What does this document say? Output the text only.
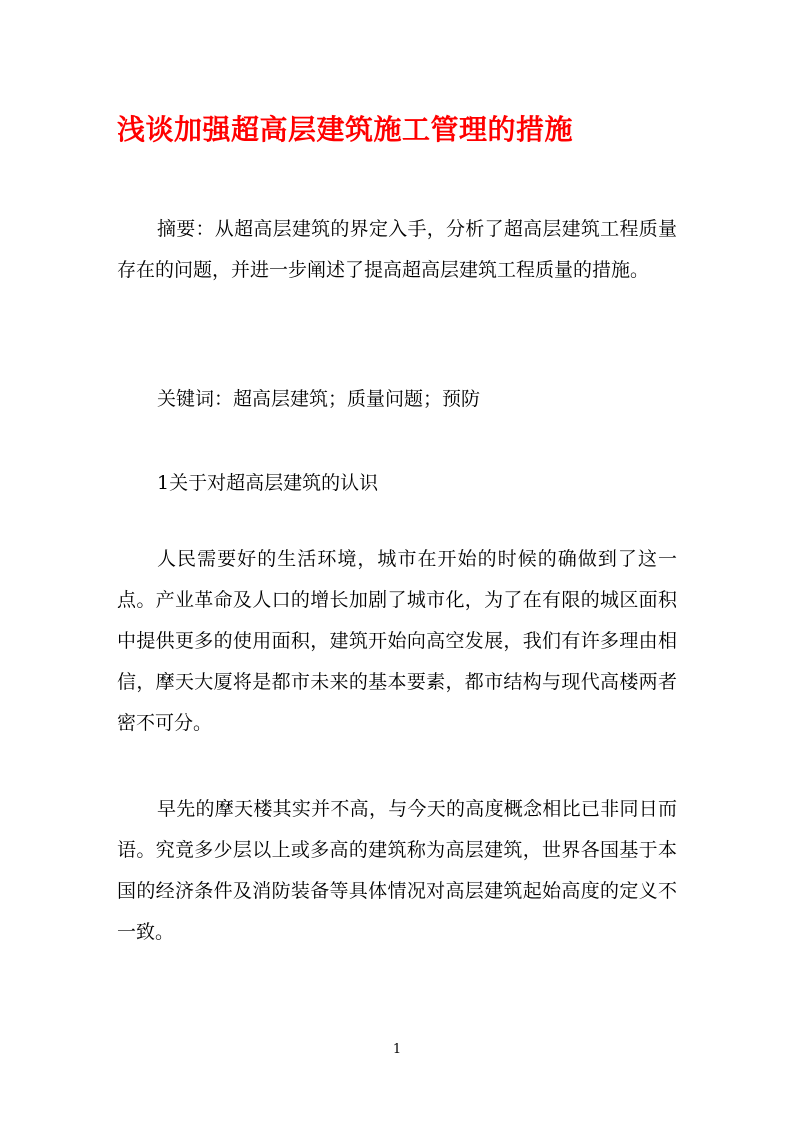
浅谈加强超高层建筑施工管理的措施

摘要：从超高层建筑的界定入手，分析了超高层建筑工程质量存在的问题，并进一步阐述了提高超高层建筑工程质量的措施。

关键词：超高层建筑；质量问题；预防

1关于对超高层建筑的认识

人民需要好的生活环境，城市在开始的时候的确做到了这一点。产业革命及人口的增长加剧了城市化，为了在有限的城区面积中提供更多的使用面积，建筑开始向高空发展，我们有许多理由相信，摩天大厦将是都市未来的基本要素，都市结构与现代高楼两者密不可分。

早先的摩天楼其实并不高，与今天的高度概念相比已非同日而语。究竟多少层以上或多高的建筑称为高层建筑，世界各国基于本国的经济条件及消防装备等具体情况对高层建筑起始高度的定义不一致。

1
